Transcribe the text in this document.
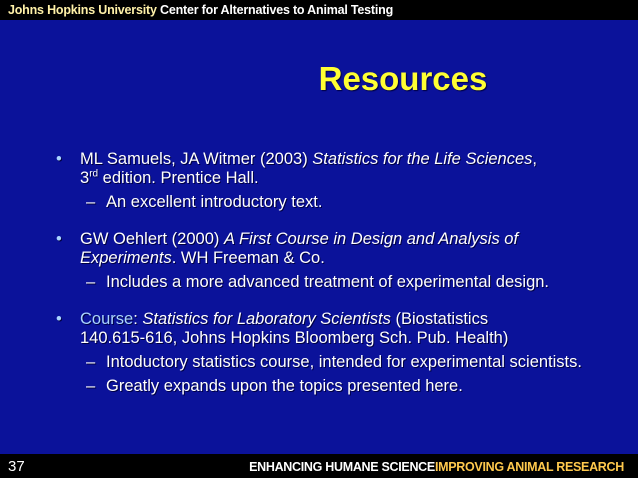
Johns Hopkins University Center for Alternatives to Animal Testing
Resources
• ML Samuels, JA Witmer (2003) Statistics for the Life Sciences,
3rd edition. Prentice Hall.
– An excellent introductory text.
• GW Oehlert (2000) A First Course in Design and Analysis of
Experiments. WH Freeman & Co.
– Includes a more advanced treatment of experimental design.
• Course: Statistics for Laboratory Scientists (Biostatistics
140.615-616, Johns Hopkins Bloomberg Sch. Pub. Health)
– Intoductory statistics course, intended for experimental scientists.
– Greatly expands upon the topics presented here.
37	ENHANCING HUMANE SCIENCEIMPROVING ANIMAL RESEARCH
